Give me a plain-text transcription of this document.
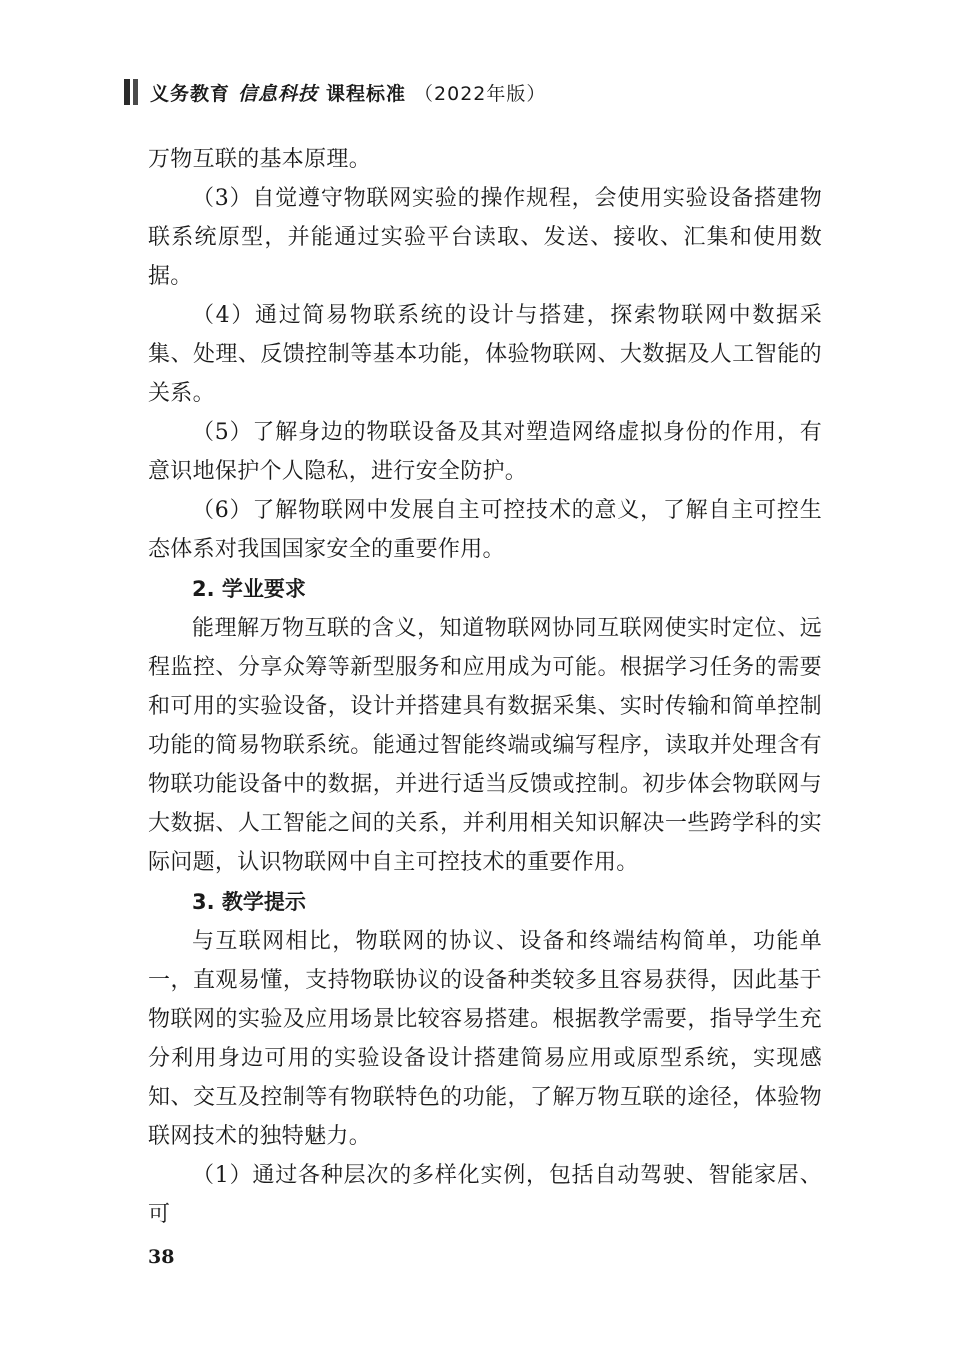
义务教育 信息科技 课程标准 （2022年版）

万物互联的基本原理。

（3）自觉遵守物联网实验的操作规程，会使用实验设备搭建物联系统原型，并能通过实验平台读取、发送、接收、汇集和使用数据。

（4）通过简易物联系统的设计与搭建，探索物联网中数据采集、处理、反馈控制等基本功能，体验物联网、大数据及人工智能的关系。

（5）了解身边的物联设备及其对塑造网络虚拟身份的作用，有意识地保护个人隐私，进行安全防护。

（6）了解物联网中发展自主可控技术的意义，了解自主可控生态体系对我国国家安全的重要作用。

2. 学业要求

能理解万物互联的含义，知道物联网协同互联网使实时定位、远程监控、分享众筹等新型服务和应用成为可能。根据学习任务的需要和可用的实验设备，设计并搭建具有数据采集、实时传输和简单控制功能的简易物联系统。能通过智能终端或编写程序，读取并处理含有物联功能设备中的数据，并进行适当反馈或控制。初步体会物联网与大数据、人工智能之间的关系，并利用相关知识解决一些跨学科的实际问题，认识物联网中自主可控技术的重要作用。

3. 教学提示

与互联网相比，物联网的协议、设备和终端结构简单，功能单一，直观易懂，支持物联协议的设备种类较多且容易获得，因此基于物联网的实验及应用场景比较容易搭建。根据教学需要，指导学生充分利用身边可用的实验设备设计搭建简易应用或原型系统，实现感知、交互及控制等有物联特色的功能，了解万物互联的途径，体验物联网技术的独特魅力。

（1）通过各种层次的多样化实例，包括自动驾驶、智能家居、可

38
